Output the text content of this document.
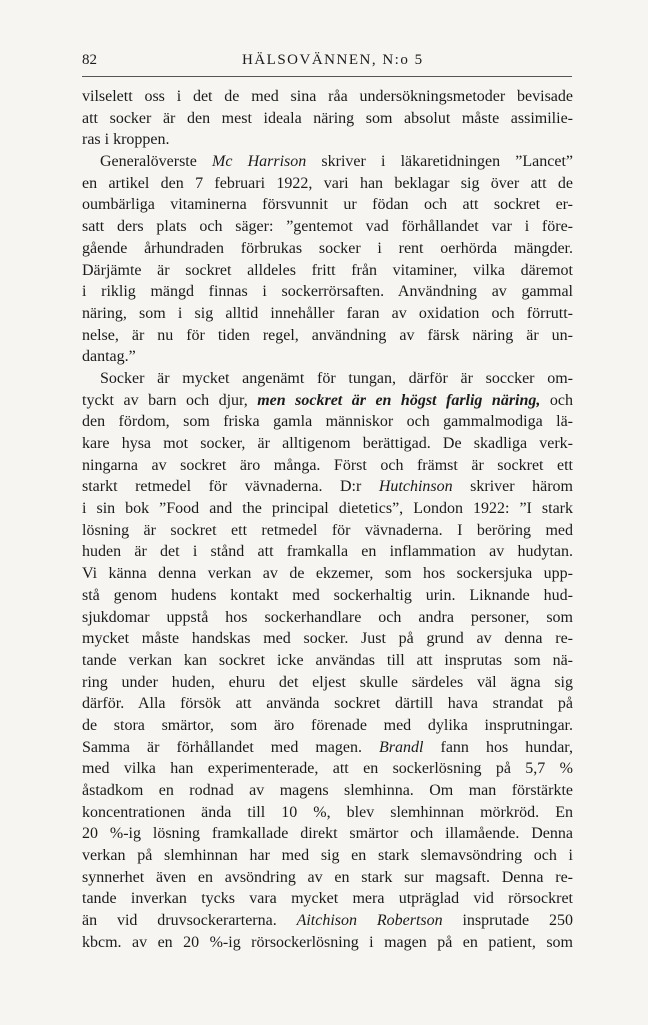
82	HÄLSOVÄNNEN, N:o 5
vilselett oss i det de med sina råa undersökningsmetoder bevisade
att socker är den mest ideala näring som absolut måste assimilie-
ras i kroppen.
Generalöverste Mc Harrison skriver i läkaretidningen ”Lancet”
en artikel den 7 februari 1922, vari han beklagar sig över att de
oumbärliga vitaminerna försvunnit ur födan och att sockret er-
satt ders plats och säger: ”gentemot vad förhållandet var i före-
gående århundraden förbrukas socker i rent oerhörda mängder.
Därjämte är sockret alldeles fritt från vitaminer, vilka däremot
i riklig mängd finnas i sockerrörsaften. Användning av gammal
näring, som i sig alltid innehåller faran av oxidation och förrutt-
nelse, är nu för tiden regel, användning av färsk näring är un-
dantag.”
Socker är mycket angenämt för tungan, därför är soccker om-
tyckt av barn och djur, men sockret är en högst farlig näring, och
den fördom, som friska gamla människor och gammalmodiga lä-
kare hysa mot socker, är alltigenom berättigad. De skadliga verk-
ningarna av sockret äro många. Först och främst är sockret ett
starkt retmedel för vävnaderna. D:r Hutchinson skriver härom
i sin bok ”Food and the principal dietetics”, London 1922: ”I stark
lösning är sockret ett retmedel för vävnaderna. I beröring med
huden är det i stånd att framkalla en inflammation av hudytan.
Vi känna denna verkan av de ekzemer, som hos sockersjuka upp-
stå genom hudens kontakt med sockerhaltig urin. Liknande hud-
sjukdomar uppstå hos sockerhandlare och andra personer, som
mycket måste handskas med socker. Just på grund av denna re-
tande verkan kan sockret icke användas till att insprutas som nä-
ring under huden, ehuru det eljest skulle särdeles väl ägna sig
därför. Alla försök att använda sockret därtill hava strandat på
de stora smärtor, som äro förenade med dylika insprutningar.
Samma är förhållandet med magen. Brandl fann hos hundar,
med vilka han experimenterade, att en sockerlösning på 5,7 %
åstadkom en rodnad av magens slemhinna. Om man förstärkte
koncentrationen ända till 10 %, blev slemhinnan mörkröd. En
20 %-ig lösning framkallade direkt smärtor och illamående. Denna
verkan på slemhinnan har med sig en stark slemavsöndring och i
synnerhet även en avsöndring av en stark sur magsaft. Denna re-
tande inverkan tycks vara mycket mera utpräglad vid rörsockret
än vid druvsockerarterna. Aitchison Robertson insprutade 250
kbcm. av en 20 %-ig rörsockerlösning i magen på en patient, som
